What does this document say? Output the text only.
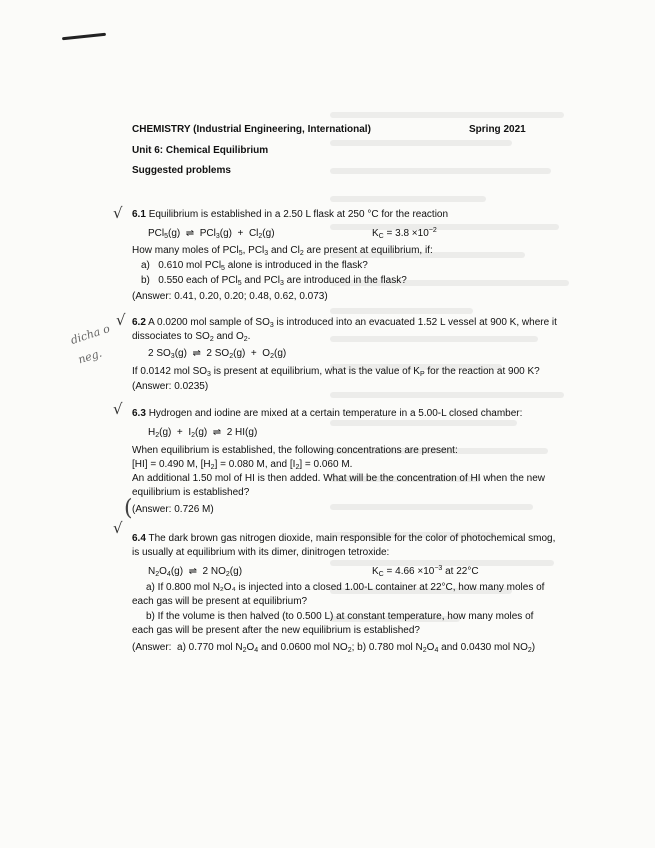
CHEMISTRY (Industrial Engineering, International)	Spring 2021
Unit 6: Chemical Equilibrium
Suggested problems
√ 6.1 Equilibrium is established in a 2.50 L flask at 250 °C for the reaction
PCl$_5$(g)  ⇌  $PCl_3(g) + Cl_2(g)$	$K_C = 3.8 \times 10^{-2}$
How many moles of PCl$_5$, PCl$_3$ and $Cl_2$ are present at equilibrium, if:
a)   0.610 mol PCl$_5$ alone is introduced in the flask?
b)   0.550 each of PCl$_5$ and PCl$_3$ are introduced in the flask?
(Answer: 0.41, 0.20, 0.20; 0.48, 0.62, 0.073)
dicha o
neg.
√ 6.2 A 0.0200 mol sample of $SO_3$ is introduced into an evacuated 1.52 L vessel at 900 K, where it
dissociates to $SO_2$ and $O_2$.
2 $SO_3(g)$  ⇌  2 $SO_2(g) + O_2(g)$
If 0.0142 mol $SO_3$ is present at equilibrium, what is the value of $K_P$ for the reaction at 900 K?
(Answer: 0.0235)
√ 6.3 Hydrogen and iodine are mixed at a certain temperature in a 5.00-L closed chamber:
$H_2(g) + I_2(g)$  ⇌  2 HI(g)
When equilibrium is established, the following concentrations are present:
[HI] = 0.490 M, $[H_2] = 0.080$ M, and $[I_2] = 0.060$ M.
An additional 1.50 mol of HI is then added. What will be the concentration of HI when the new
equilibrium is established?
( (Answer: 0.726 M)
√
6.4 The dark brown gas nitrogen dioxide, main responsible for the color of photochemical smog,
is usually at equilibrium with its dimer, dinitrogen tetroxide:
$N_2O_4(g)$  ⇌  2 $NO_2(g)$	$K_C = 4.66 \times 10^{-3}$ at 22°C
a) If 0.800 mol N₂O₄ is injected into a closed 1.00-L container at 22°C, how many moles of
each gas will be present at equilibrium?
b) If the volume is then halved (to 0.500 L) at constant temperature, how many moles of
each gas will be present after the new equilibrium is established?
(Answer:  a) 0.770 mol $N_2O_4$ and 0.0600 mol $NO_2$; b) 0.780 mol $N_2O_4$ and 0.0430 mol $NO_2$)
